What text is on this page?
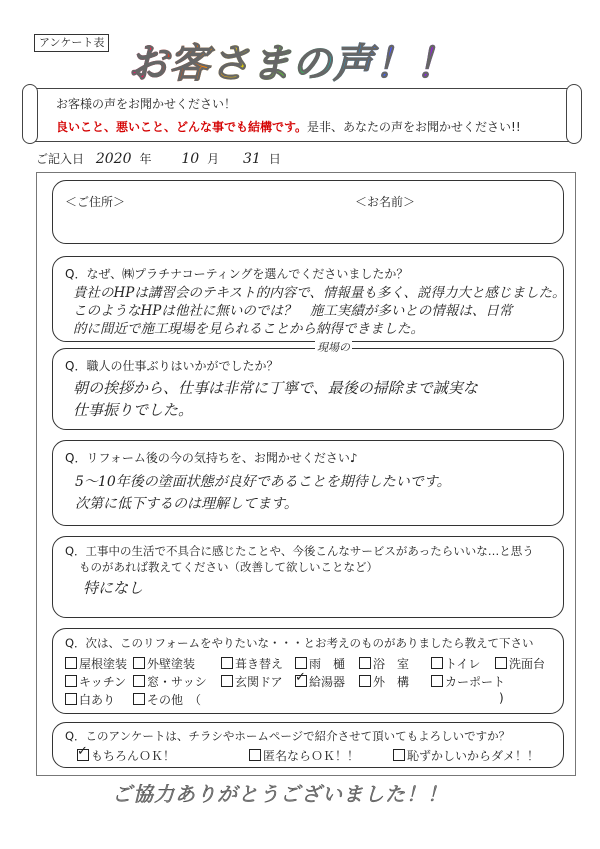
アンケート表 お客さまの声！！
お客様の声をお聞かせください！
良いこと、悪いこと、どんな事でも結構です。是非、あなたの声をお聞かせください!!
ご記入日 2020 年 10 月 31 日
＜ご住所＞	＜お名前＞
Q．なぜ、㈱プラチナコーティングを選んでくださいましたか？
貴社のHPは講習会のテキスト的内容で、情報量も多く、説得力大と感じました。
このようなHPは他社に無いのでは？　施工実績が多いとの情報は、日常
的に間近で施工現場を見られることから納得できました。
Q．職人の仕事ぶりはいかがでしたか？
現場の
朝の挨拶から、仕事は非常に丁寧で、最後の掃除まで誠実な
仕事振りでした。
Q．リフォーム後の今の気持ちを、お聞かせください♪
5～10年後の塗面状態が良好であることを期待したいです。
次第に低下するのは理解してます。
Q．工事中の生活で不具合に感じたことや、今後こんなサービスがあったらいいな…と思う
ものがあれば教えてください（改善して欲しいことなど）
特になし
Q．次は、このリフォームをやりたいな・・・とお考えのものがありましたら教えて下さい
屋根塗装	外壁塗装	葺き替え	雨　樋	浴　室	トイレ	洗面台
キッチン	窓・サッシ	玄関ドア
✓	給湯器	外　構	カーポート
白あり	その他　（	)
Q．このアンケートは、チラシやホームページで紹介させて頂いてもよろしいですか？
✓もちろんＯＫ！	匿名ならＯＫ！！	恥ずかしいからダメ！！
ご協力ありがとうございました！！
